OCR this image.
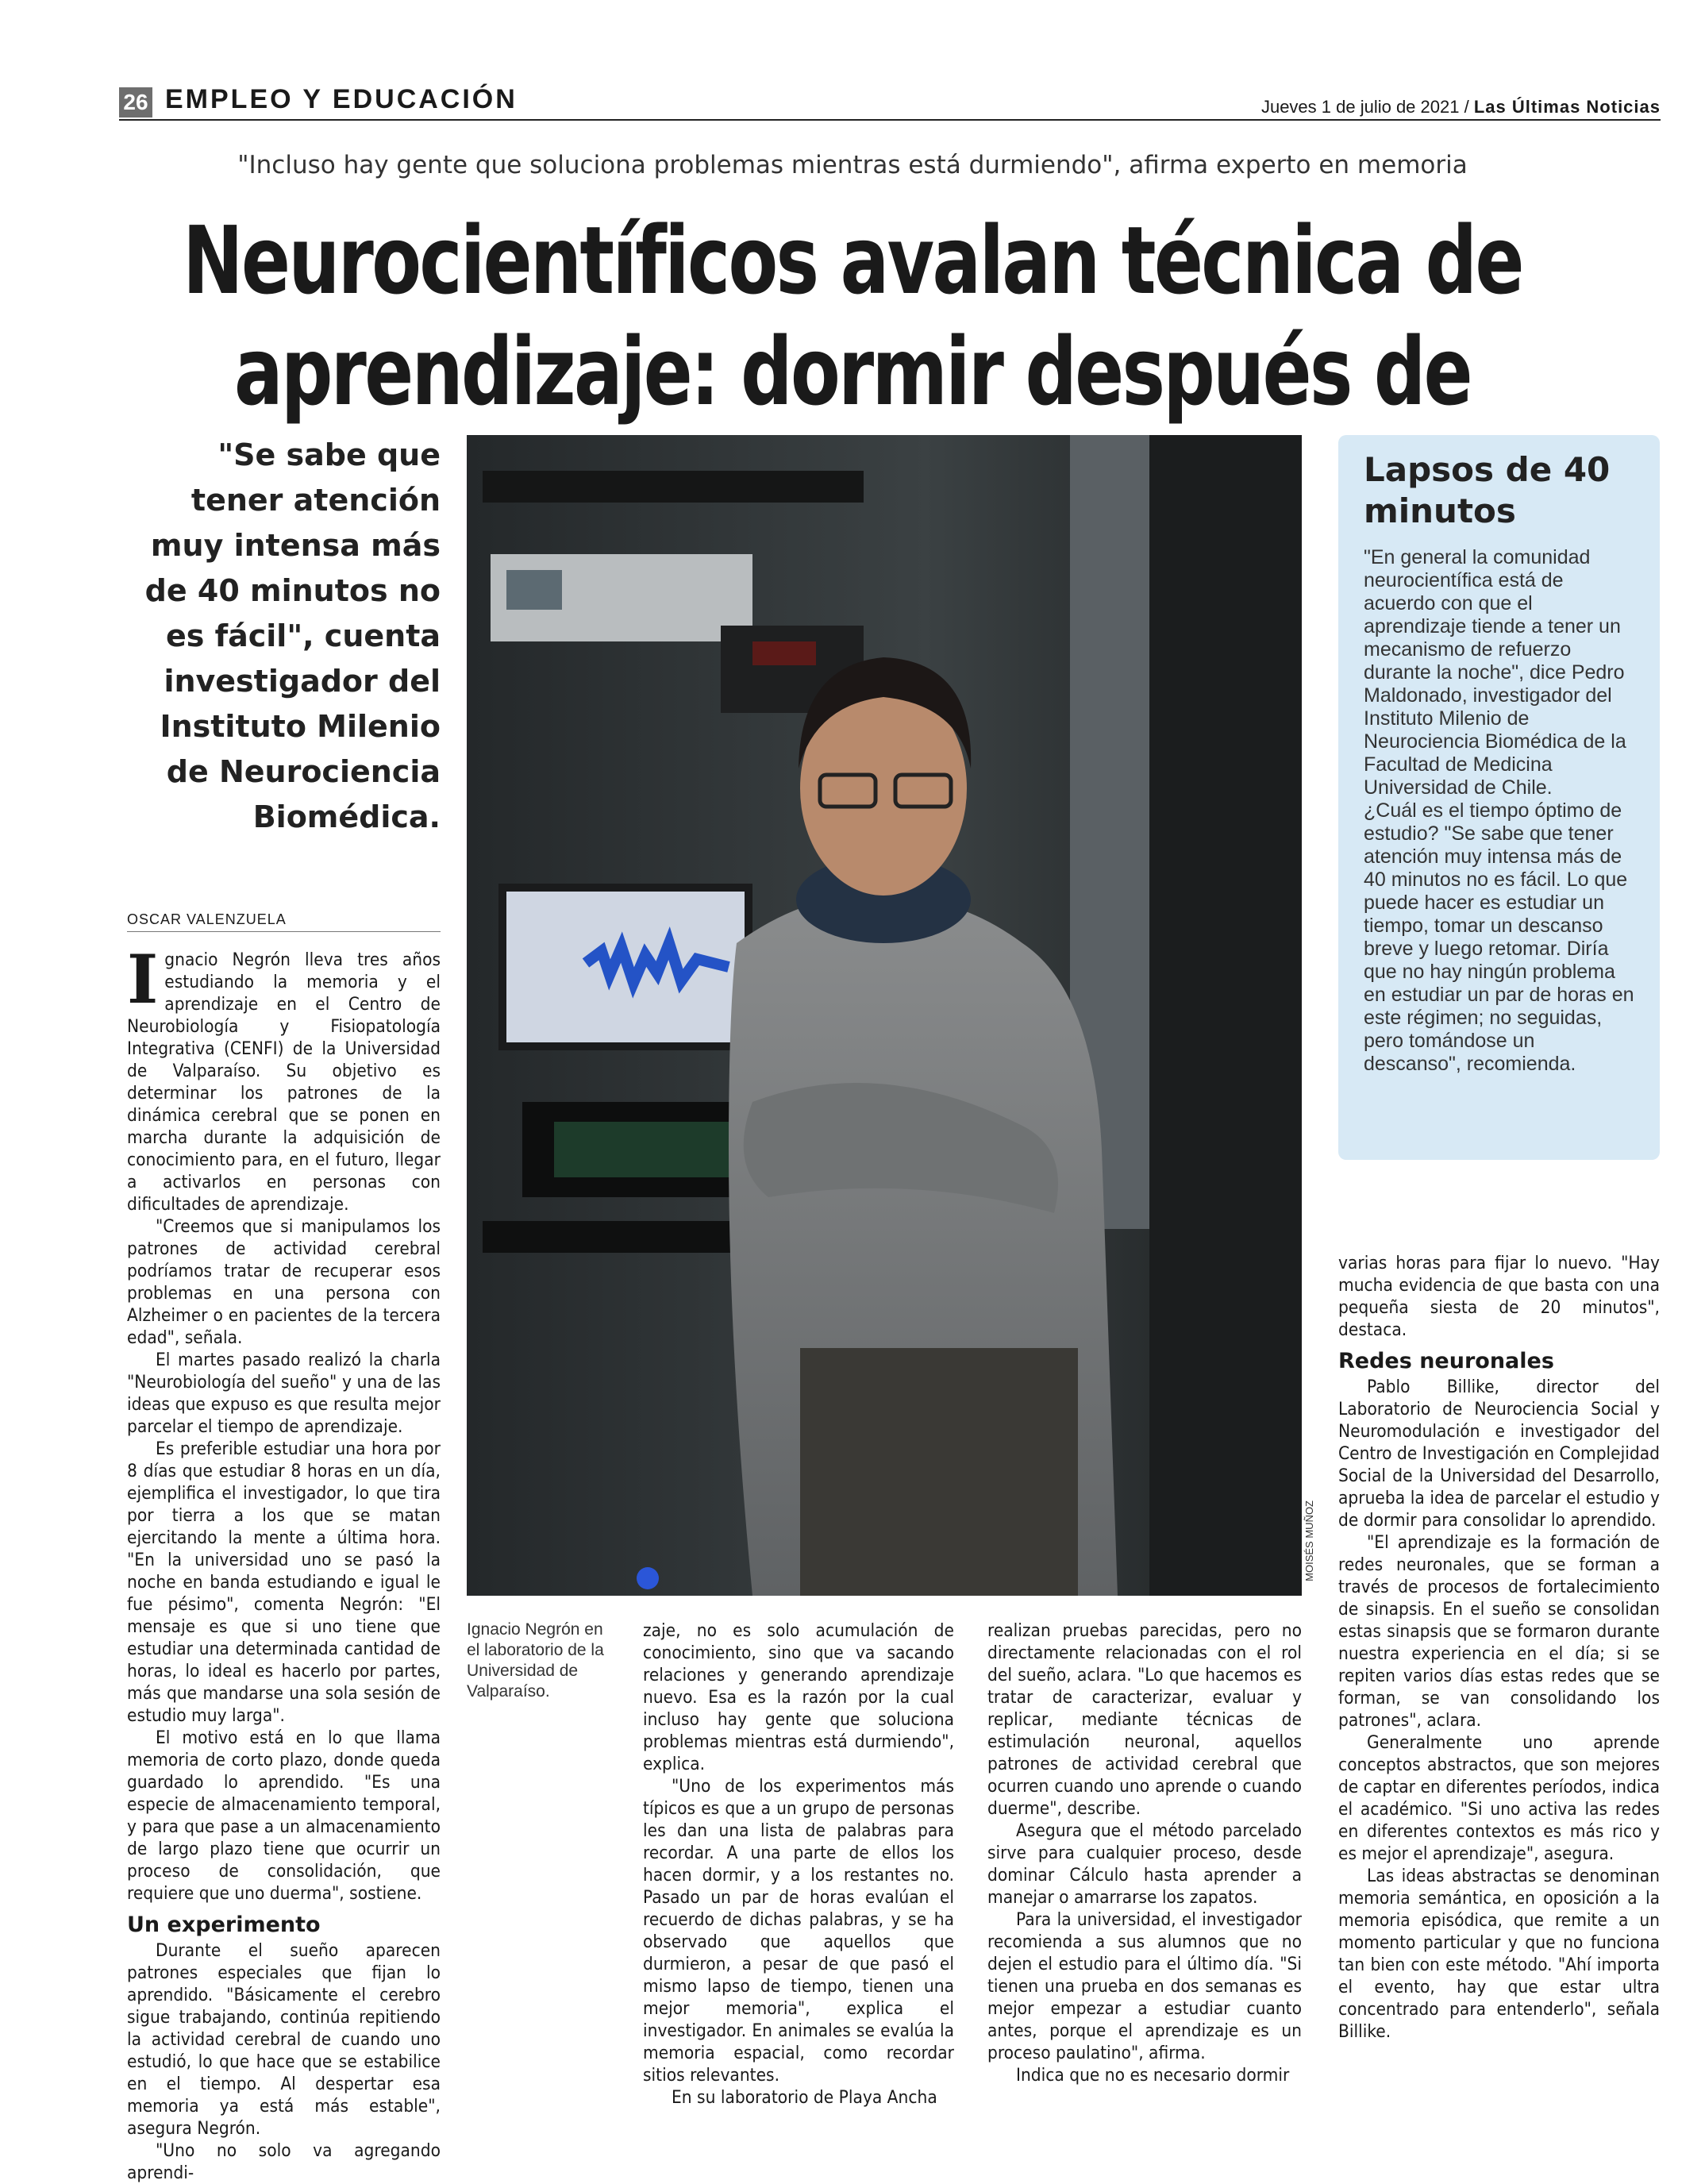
26 EMPLEO Y EDUCACIÓN	Jueves 1 de julio de 2021 / Las Últimas Noticias
"Incluso hay gente que soluciona problemas mientras está durmiendo", afirma experto en memoria
Neurocientíficos avalan técnica de
aprendizaje: dormir después de
"Se sabe que tener atención muy intensa más de 40 minutos no es fácil", cuenta investigador del Instituto Milenio de Neurociencia Biomédica.
OSCAR VALENZUELA

Ignacio Negrón lleva tres años estudiando la memoria y el aprendizaje en el Centro de Neurobiología y Fisiopatología Integrativa (CENFI) de la Universidad de Valparaíso. Su objetivo es determinar los patrones de la dinámica cerebral que se ponen en marcha durante la adquisición de conocimiento para, en el futuro, llegar a activarlos en personas con dificultades de aprendizaje.

"Creemos que si manipulamos los patrones de actividad cerebral podríamos tratar de recuperar esos problemas en una persona con Alzheimer o en pacientes de la tercera edad", señala.

El martes pasado realizó la charla "Neurobiología del sueño" y una de las ideas que expuso es que resulta mejor parcelar el tiempo de aprendizaje.

Es preferible estudiar una hora por 8 días que estudiar 8 horas en un día, ejemplifica el investigador, lo que tira por tierra a los que se matan ejercitando la mente a última hora. "En la universidad uno se pasó la noche en banda estudiando e igual le fue pésimo", comenta Negrón: "El mensaje es que si uno tiene que estudiar una determinada cantidad de horas, lo ideal es hacerlo por partes, más que mandarse una sola sesión de estudio muy larga".

El motivo está en lo que llama memoria de corto plazo, donde queda guardado lo aprendido. "Es una especie de almacenamiento temporal, y para que pase a un almacenamiento de largo plazo tiene que ocurrir un proceso de consolidación, que requiere que uno duerma", sostiene.

Un experimento

Durante el sueño aparecen patrones especiales que fijan lo aprendido. "Básicamente el cerebro sigue trabajando, continúa repitiendo la actividad cerebral de cuando uno estudió, lo que hace que se estabilice en el tiempo. Al despertar esa memoria ya está más estable", asegura Negrón.

"Uno no solo va agregando aprendi-

MOISÉS MUÑOZ
Ignacio Negrón en el laboratorio de la Universidad de Valparaíso.

zaje, no es solo acumulación de conocimiento, sino que va sacando relaciones y generando aprendizaje nuevo. Esa es la razón por la cual incluso hay gente que soluciona problemas mientras está durmiendo", explica.

"Uno de los experimentos más típicos es que a un grupo de personas les dan una lista de palabras para recordar. A una parte de ellos los hacen dormir, y a los restantes no. Pasado un par de horas evalúan el recuerdo de dichas palabras, y se ha observado que aquellos que durmieron, a pesar de que pasó el mismo lapso de tiempo, tienen una mejor memoria", explica el investigador. En animales se evalúa la memoria espacial, como recordar sitios relevantes.

En su laboratorio de Playa Ancha

realizan pruebas parecidas, pero no directamente relacionadas con el rol del sueño, aclara. "Lo que hacemos es tratar de caracterizar, evaluar y replicar, mediante técnicas de estimulación neuronal, aquellos patrones de actividad cerebral que ocurren cuando uno aprende o cuando duerme", describe.

Asegura que el método parcelado sirve para cualquier proceso, desde dominar Cálculo hasta aprender a manejar o amarrarse los zapatos.

Para la universidad, el investigador recomienda a sus alumnos que no dejen el estudio para el último día. "Si tienen una prueba en dos semanas es mejor empezar a estudiar cuanto antes, porque el aprendizaje es un proceso paulatino", afirma.

Indica que no es necesario dormir

Lapsos de 40 minutos
"En general la comunidad neurocientífica está de acuerdo con que el aprendizaje tiende a tener un mecanismo de refuerzo durante la noche", dice Pedro Maldonado, investigador del Instituto Milenio de Neurociencia Biomédica de la Facultad de Medicina Universidad de Chile.
¿Cuál es el tiempo óptimo de estudio? "Se sabe que tener atención muy intensa más de 40 minutos no es fácil. Lo que puede hacer es estudiar un tiempo, tomar un descanso breve y luego retomar. Diría que no hay ningún problema en estudiar un par de horas en este régimen; no seguidas, pero tomándose un descanso", recomienda.

varias horas para fijar lo nuevo. "Hay mucha evidencia de que basta con una pequeña siesta de 20 minutos", destaca.

Redes neuronales

Pablo Billike, director del Laboratorio de Neurociencia Social y Neuromodulación e investigador del Centro de Investigación en Complejidad Social de la Universidad del Desarrollo, aprueba la idea de parcelar el estudio y de dormir para consolidar lo aprendido.

"El aprendizaje es la formación de redes neuronales, que se forman a través de procesos de fortalecimiento de sinapsis. En el sueño se consolidan estas sinapsis que se formaron durante nuestra experiencia en el día; si se repiten varios días estas redes que se forman, se van consolidando los patrones", aclara.

Generalmente uno aprende conceptos abstractos, que son mejores de captar en diferentes períodos, indica el académico. "Si uno activa las redes en diferentes contextos es más rico y es mejor el aprendizaje", asegura.

Las ideas abstractas se denominan memoria semántica, en oposición a la memoria episódica, que remite a un momento particular y que no funciona tan bien con este método. "Ahí importa el evento, hay que estar ultra concentrado para entenderlo", señala Billike.
